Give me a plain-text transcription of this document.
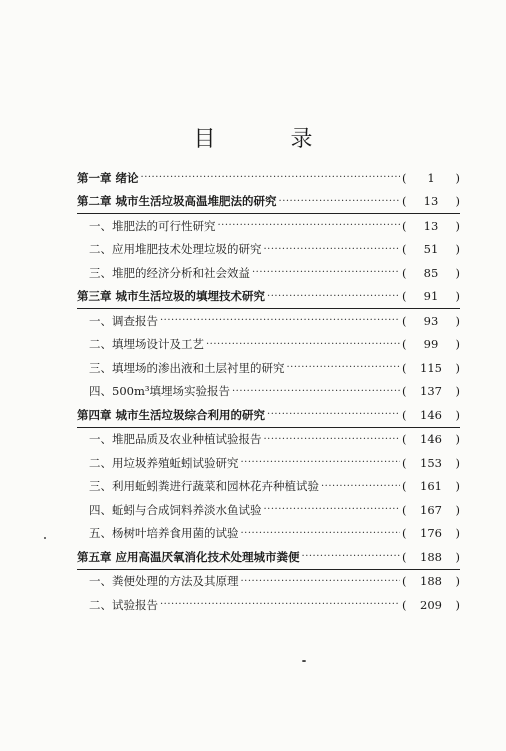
目 录
第一章 绪论 ·····	(	1	)
第二章 城市生活垃圾高温堆肥法的研究 ·····	(	13	)
一、堆肥法的可行性研究 ·····	(	13	)
二、应用堆肥技术处理垃圾的研究 ·····	(	51	)
三、堆肥的经济分析和社会效益 ·····	(	85	)
第三章 城市生活垃圾的填埋技术研究 ·····	(	91	)
一、调查报告 ·····	(	93	)
二、填埋场设计及工艺 ·····	(	99	)
三、填埋场的渗出液和土层衬里的研究 ·····	(	115	)
四、500m³填埋场实验报告 ·····	(	137	)
第四章 城市生活垃圾综合利用的研究 ·····	(	146	)
一、堆肥品质及农业种植试验报告 ·····	(	146	)
二、用垃圾养殖蚯蚓试验研究 ·····	(	153	)
三、利用蚯蚓粪进行蔬菜和园林花卉种植试验 ·····	(	161	)
四、蚯蚓与合成饲料养淡水鱼试验 ·····	(	167	)
五、杨树叶培养食用菌的试验 ·····	(	176	)
第五章 应用高温厌氧消化技术处理城市粪便 ·····	(	188	)
一、粪便处理的方法及其原理 ·····	(	188	)
二、试验报告 ·····	(	209	)
